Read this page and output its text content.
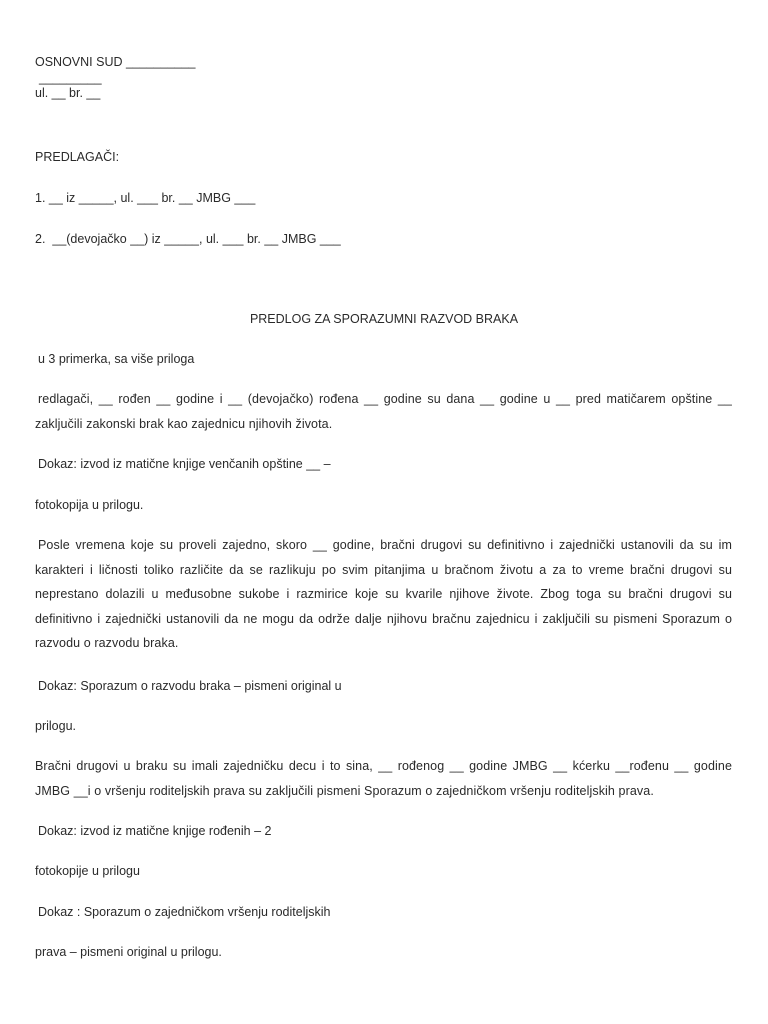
OSNOVNI SUD __________
_________
ul. __ br. __
PREDLAGAČI:
1. __ iz _____, ul. ___ br. __ JMBG ___
2.  __(devojačko __) iz _____, ul. ___ br. __ JMBG ___
PREDLOG ZA SPORAZUMNI RAZVOD BRAKA
u 3 primerka, sa više priloga
redlagači, __ rođen __ godine i __ (devojačko) rođena __ godine su dana __ godine u __ pred matičarem opštine __ zaključili zakonski brak kao zajednicu njihovih života.
Dokaz: izvod iz matične knjige venčanih opštine __ –
fotokopija u prilogu.
Posle vremena koje su proveli zajedno, skoro __ godine, bračni drugovi su definitivno i zajednički ustanovili da su im karakteri i ličnosti toliko različite da se razlikuju po svim pitanjima u bračnom životu a za to vreme bračni drugovi su neprestano dolazili u međusobne sukobe i razmirice koje su kvarile njihove živote. Zbog toga su bračni drugovi su definitivno i zajednički ustanovili da ne mogu da održe dalje njihovu bračnu zajednicu i zaključili su pismeni Sporazum o razvodu o razvodu braka.
Dokaz: Sporazum o razvodu braka – pismeni original u
prilogu.
Bračni drugovi u braku su imali zajedničku decu i to sina, __ rođenog __ godine JMBG __ kćerku __rođenu __ godine JMBG __i o vršenju roditeljskih prava su zaključili pismeni Sporazum o zajedničkom vršenju roditeljskih prava.
Dokaz: izvod iz matične knjige rođenih – 2
fotokopije u prilogu
Dokaz : Sporazum o zajedničkom vršenju roditeljskih
prava – pismeni original u prilogu.
